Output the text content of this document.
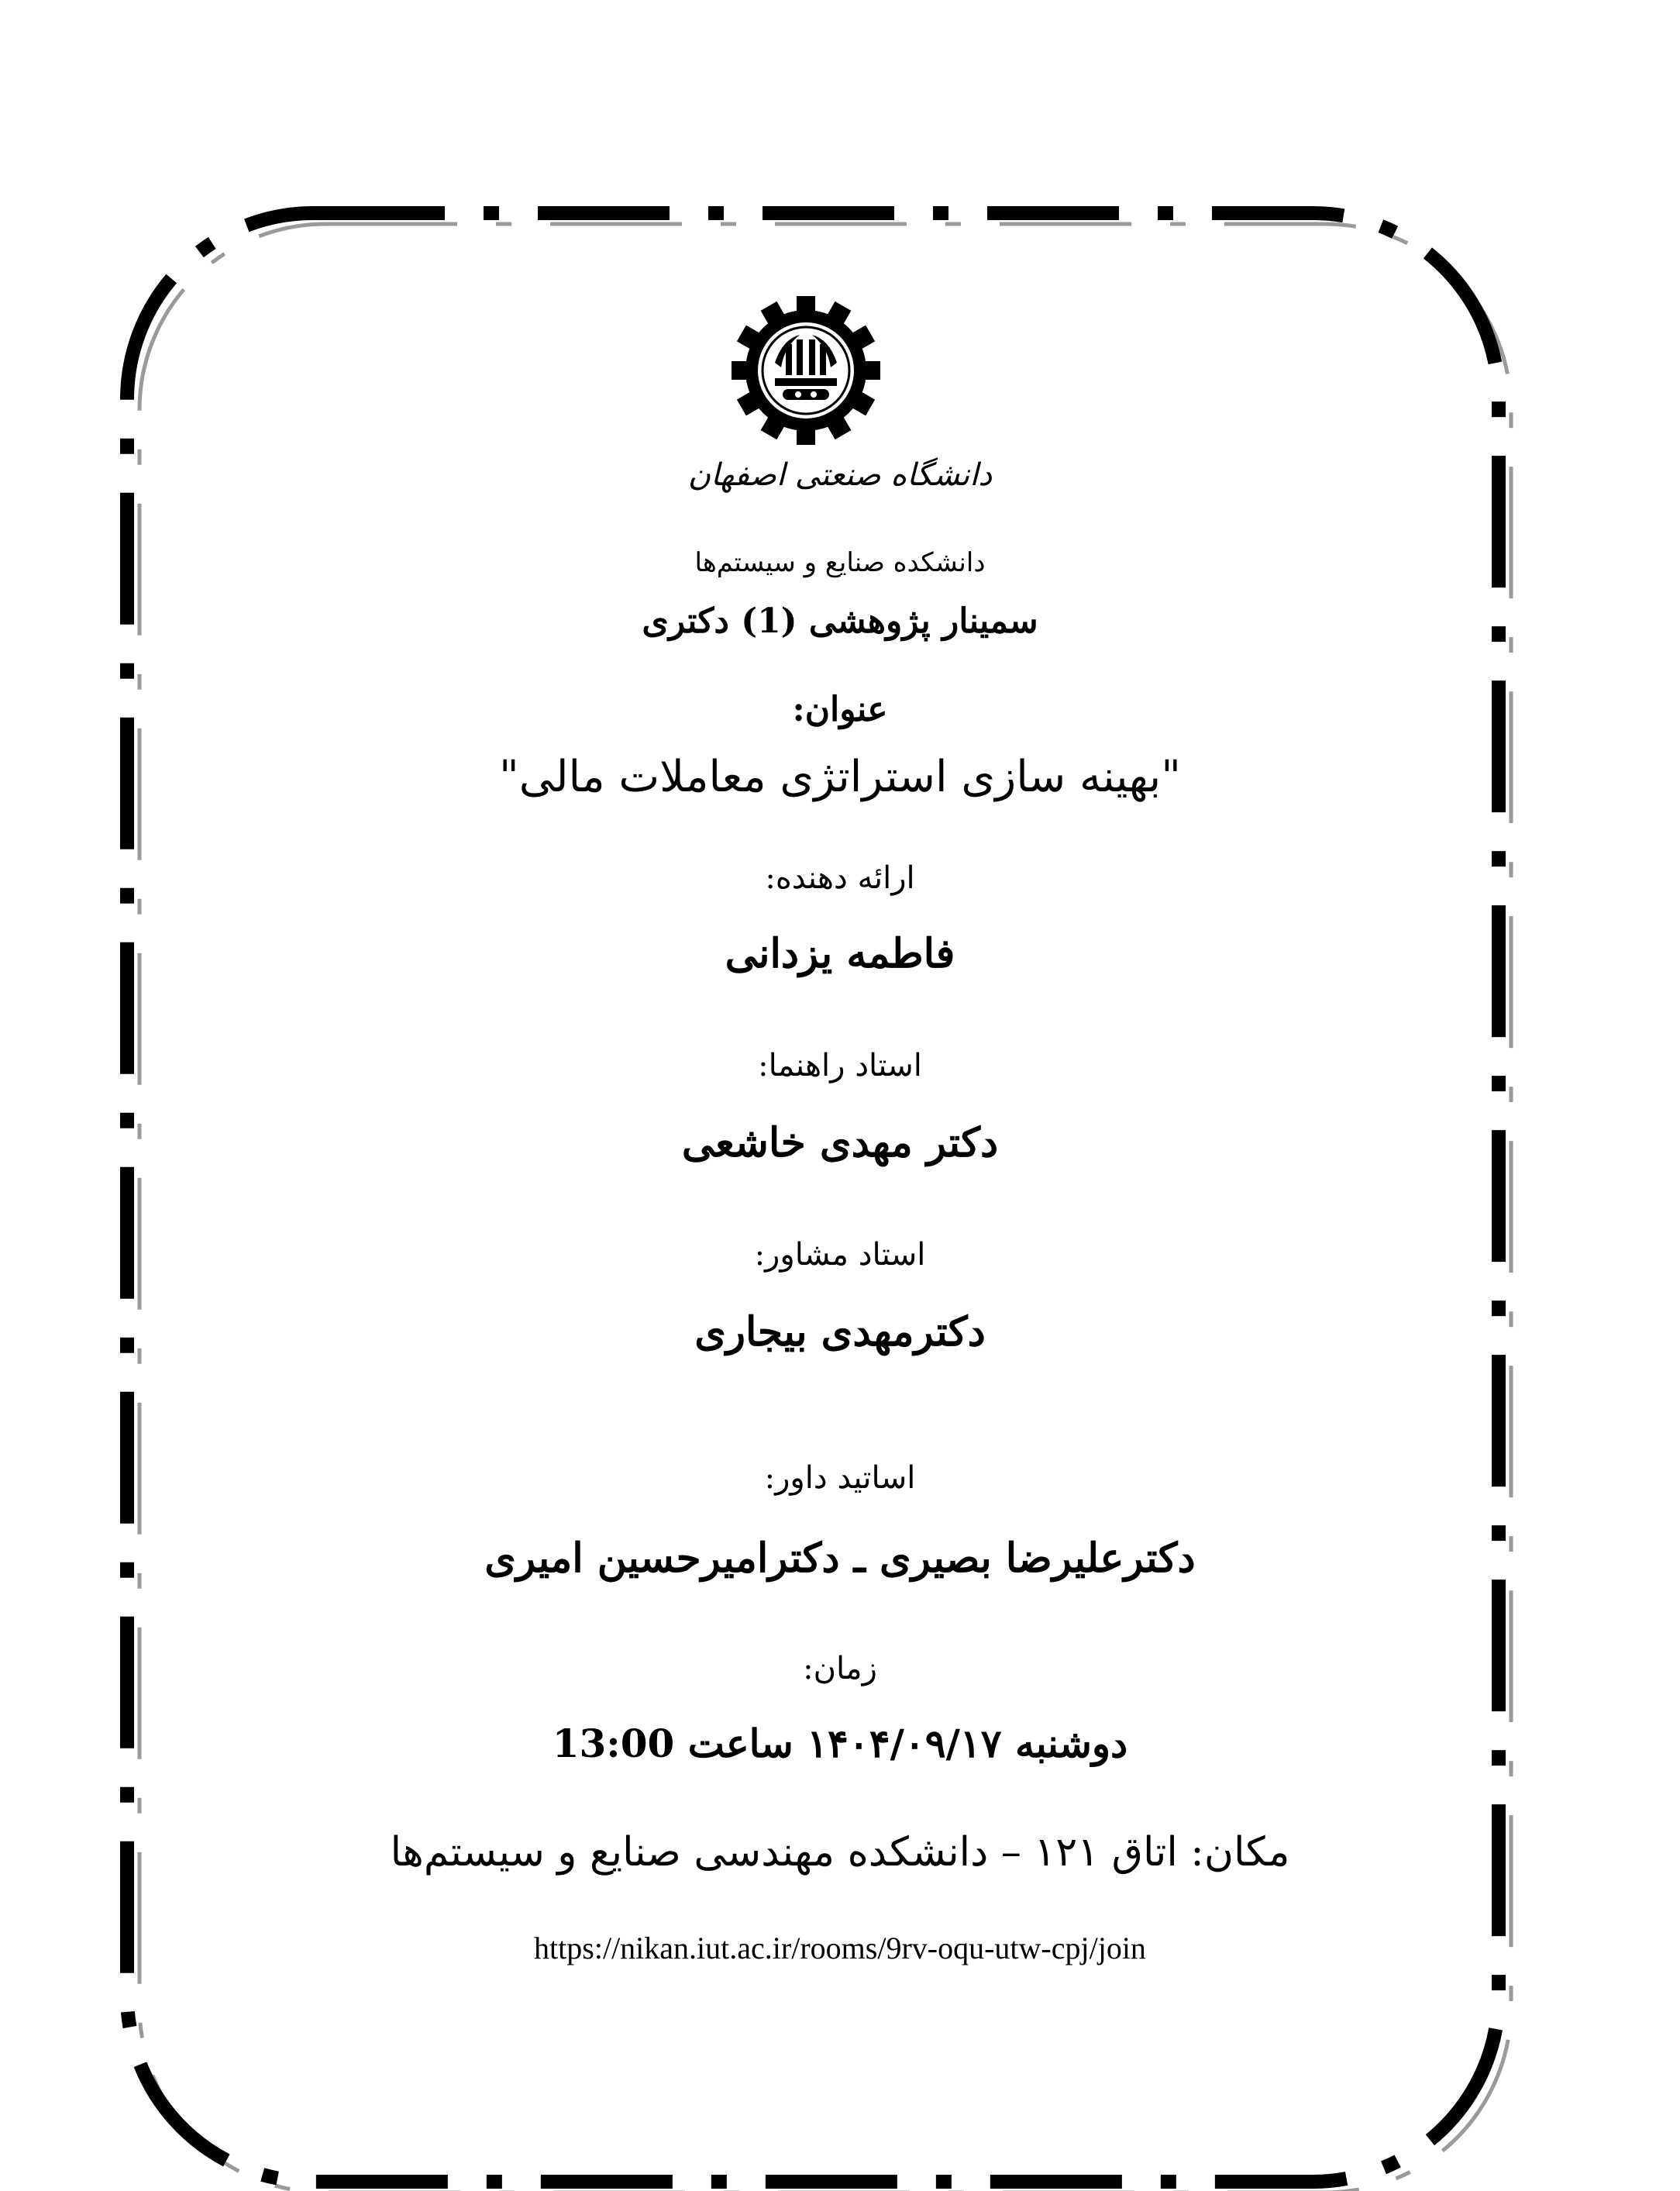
دانشگاه صنعتی اصفهان
دانشکده صنایع و سیستم‌ها
سمینار پژوهشی (1) دکتری
عنوان:
"بهینه سازی استراتژی معاملات مالی"
ارائه دهنده:
فاطمه یزدانی
استاد راهنما:
دکتر مهدی خاشعی
استاد مشاور:
دکترمهدی بیجاری
اساتید داور:
دکترعلیرضا بصیری ـ دکترامیرحسین امیری
زمان:
دوشنبه ۱۴۰۴/۰۹/۱۷ ساعت 13:00
مکان: اتاق ۱۲۱ – دانشکده مهندسی صنایع و سیستم‌ها
https://nikan.iut.ac.ir/rooms/9rv-oqu-utw-cpj/join
